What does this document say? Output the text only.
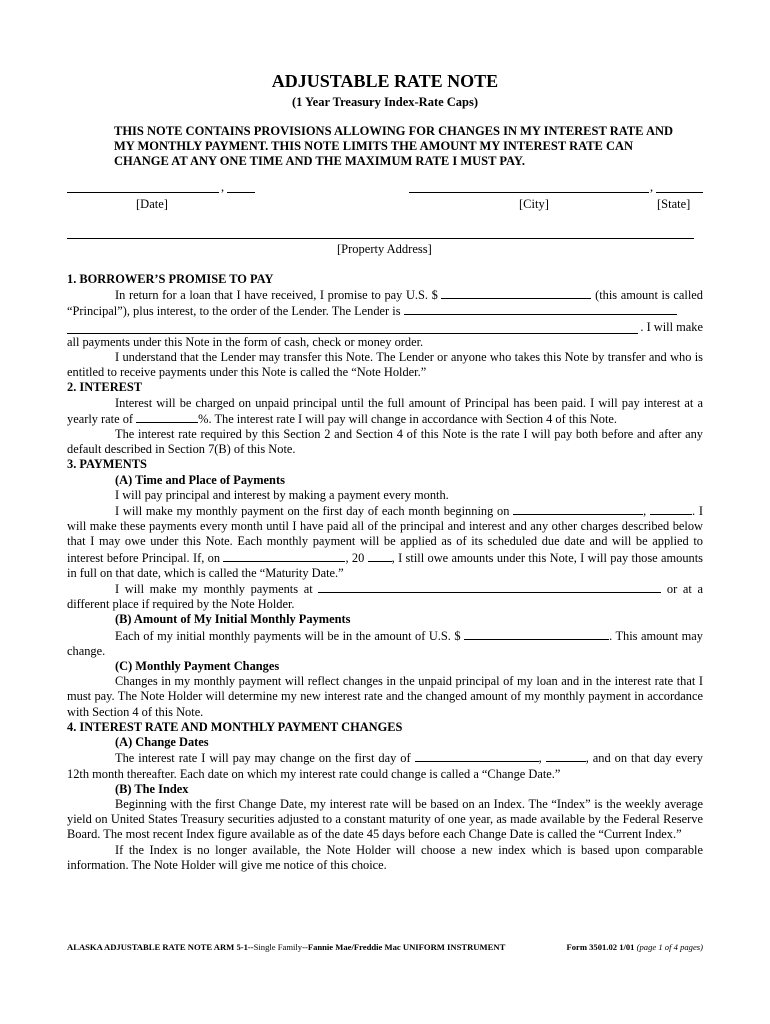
ADJUSTABLE RATE NOTE
(1 Year Treasury Index-Rate Caps)
THIS NOTE CONTAINS PROVISIONS ALLOWING FOR CHANGES IN MY INTEREST RATE AND MY MONTHLY PAYMENT. THIS NOTE LIMITS THE AMOUNT MY INTEREST RATE CAN CHANGE AT ANY ONE TIME AND THE MAXIMUM RATE I MUST PAY.
,	,
[Date]	[City]	[State]
[Property Address]

1. BORROWER’S PROMISE TO PAY

In return for a loan that I have received, I promise to pay U.S. $	(this amount is called “Principal”), plus interest, to the order of the Lender. The Lender is

. I will make

all payments under this Note in the form of cash, check or money order.

I understand that the Lender may transfer this Note. The Lender or anyone who takes this Note by transfer and who is entitled to receive payments under this Note is called the “Note Holder.”

2. INTEREST

Interest will be charged on unpaid principal until the full amount of Principal has been paid. I will pay interest at a yearly rate of	%. The interest rate I will pay will change in accordance with Section 4 of this Note.

The interest rate required by this Section 2 and Section 4 of this Note is the rate I will pay both before and after any default described in Section 7(B) of this Note.

3. PAYMENTS

(A) Time and Place of Payments

I will pay principal and interest by making a payment every month.

I will make my monthly payment on the first day of each month beginning on	,	. I will make these payments every month until I have paid all of the principal and interest and any other charges described below that I may owe under this Note. Each monthly payment will be applied as of its scheduled due date and will be applied to interest before Principal. If, on	, 20 , I still owe amounts under this Note, I will pay those amounts in full on that date, which is called the “Maturity Date.”

I will make my monthly payments at	or at a different place if required by the Note Holder.

(B) Amount of My Initial Monthly Payments

Each of my initial monthly payments will be in the amount of U.S. $	. This amount may change.

(C) Monthly Payment Changes

Changes in my monthly payment will reflect changes in the unpaid principal of my loan and in the interest rate that I must pay. The Note Holder will determine my new interest rate and the changed amount of my monthly payment in accordance with Section 4 of this Note.

4. INTEREST RATE AND MONTHLY PAYMENT CHANGES

(A) Change Dates

The interest rate I will pay may change on the first day of	,	, and on that day every 12th month thereafter. Each date on which my interest rate could change is called a “Change Date.”

(B) The Index

Beginning with the first Change Date, my interest rate will be based on an Index. The “Index” is the weekly average yield on United States Treasury securities adjusted to a constant maturity of one year, as made available by the Federal Reserve Board. The most recent Index figure available as of the date 45 days before each Change Date is called the “Current Index.”

If the Index is no longer available, the Note Holder will choose a new index which is based upon comparable information. The Note Holder will give me notice of this choice.

ALASKA ADJUSTABLE RATE NOTE ARM 5-1--Single Family--Fannie Mae/Freddie Mac UNIFORM INSTRUMENT	Form 3501.02 1/01 (page 1 of 4 pages)
